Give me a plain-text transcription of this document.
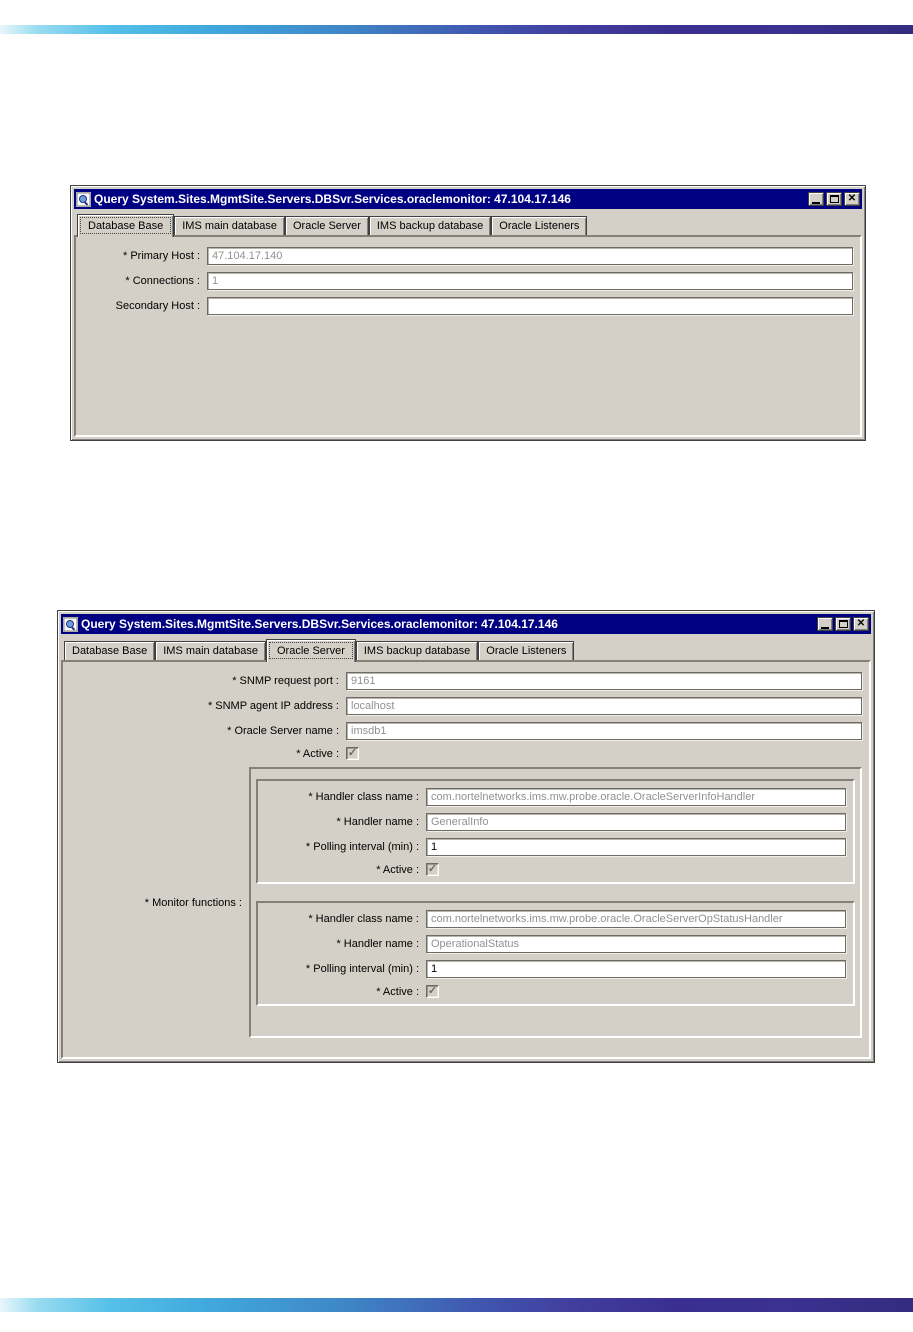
Query System.Sites.MgmtSite.Servers.DBSvr.Services.oraclemonitor: 47.104.17.146	✕
Database Base	IMS main database	Oracle Server	IMS backup database	Oracle Listeners
* Primary Host :
47.104.17.140
* Connections :
1
Secondary Host :
Query System.Sites.MgmtSite.Servers.DBSvr.Services.oraclemonitor: 47.104.17.146	✕
Database Base	IMS main database	Oracle Server	IMS backup database	Oracle Listeners
* SNMP request port :
9161
* SNMP agent IP address :
localhost
* Oracle Server name :
imsdb1
* Active : ✓
* Monitor functions :
* Handler class name :
com.nortelnetworks.ims.mw.probe.oracle.OracleServerInfoHandler
* Handler name :
GeneralInfo
* Polling interval (min) :
1
* Active : ✓
* Handler class name :
com.nortelnetworks.ims.mw.probe.oracle.OracleServerOpStatusHandler
* Handler name :
OperationalStatus
* Polling interval (min) :
1
* Active : ✓
